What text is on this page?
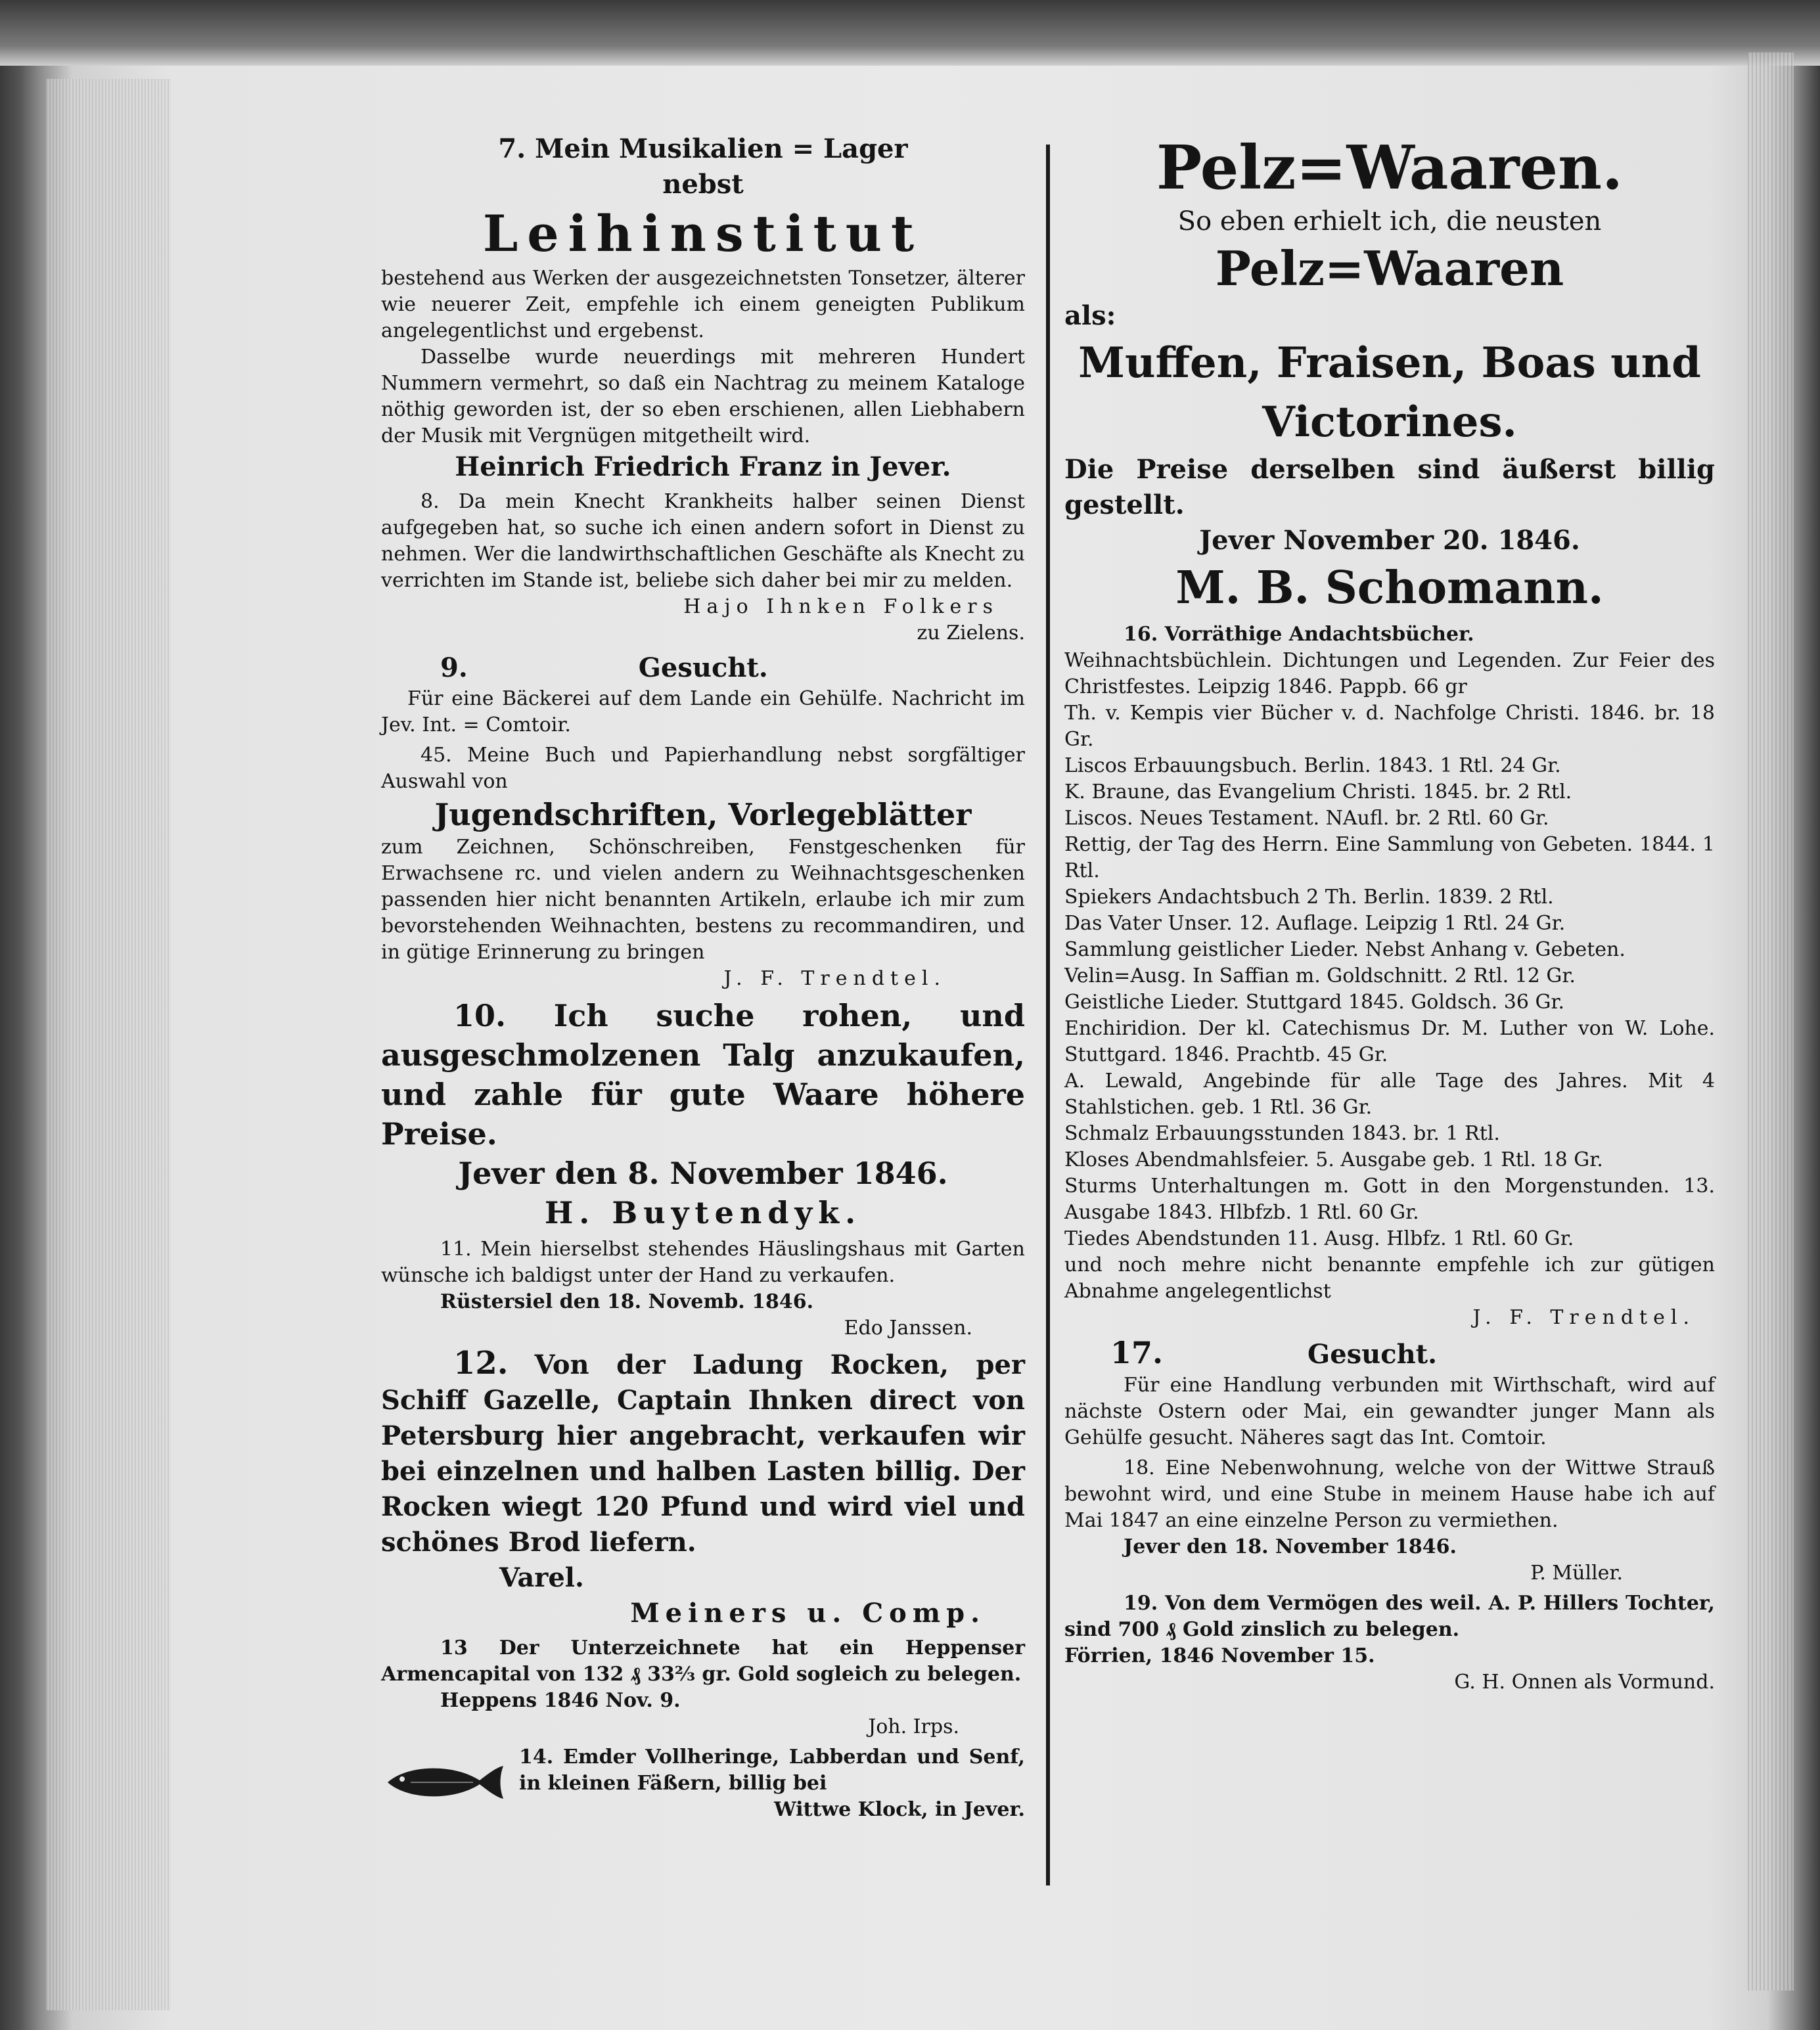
7. Mein Musikalien = Lager

nebst

Leihinstitut

bestehend aus Werken der ausgezeichnetsten Tonsetzer, älterer wie neuerer Zeit, empfehle ich einem geneigten Publikum angelegentlichst und ergebenst.

Dasselbe wurde neuerdings mit mehreren Hundert Nummern vermehrt, so daß ein Nachtrag zu meinem Kataloge nöthig geworden ist, der so eben erschienen, allen Liebhabern der Musik mit Vergnügen mitgetheilt wird.

Heinrich Friedrich Franz in Jever.

8. Da mein Knecht Krankheits halber seinen Dienst aufgegeben hat, so suche ich einen andern sofort in Dienst zu nehmen. Wer die landwirthschaftlichen Geschäfte als Knecht zu verrichten im Stande ist, beliebe sich daher bei mir zu melden.

Hajo Ihnken Folkers

zu Zielens.

9.	Gesucht.

Für eine Bäckerei auf dem Lande ein Gehülfe. Nachricht im Jev. Int. = Comtoir.

45. Meine Buch und Papierhandlung nebst sorgfältiger Auswahl von

Jugendschriften, Vorlegeblätter

zum Zeichnen, Schönschreiben, Fenstgeschenken für Erwachsene rc. und vielen andern zu Weihnachtsgeschenken passenden hier nicht benannten Artikeln, erlaube ich mir zum bevorstehenden Weihnachten, bestens zu recommandiren, und in gütige Erinnerung zu bringen

J. F. Trendtel.

10. Ich suche rohen, und ausgeschmolzenen Talg anzukaufen, und zahle für gute Waare höhere Preise.

Jever den 8. November 1846.

H. Buytendyk.

11. Mein hierselbst stehendes Häuslingshaus mit Garten wünsche ich baldigst unter der Hand zu verkaufen.

Rüstersiel den 18. Novemb. 1846.

Edo Janssen.

12. Von der Ladung Rocken, per Schiff Gazelle, Captain Ihnken direct von Petersburg hier angebracht, verkaufen wir bei einzelnen und halben Lasten billig. Der Rocken wiegt 120 Pfund und wird viel und schönes Brod liefern.

Varel.

Meiners u. Comp.

13 Der Unterzeichnete hat ein Heppenser Armencapital von 132 ₰ 33⅔ gr. Gold sogleich zu belegen.

Heppens 1846 Nov. 9.

Joh. Irps.

14. Emder Vollheringe, Labberdan und Senf, in kleinen Fäßern, billig bei

Wittwe Klock, in Jever.

Pelz=Waaren.

So eben erhielt ich, die neusten

Pelz=Waaren

als:

Muffen, Fraisen, Boas und

Victorines.

Die Preise derselben sind äußerst billig gestellt.

Jever November 20. 1846.

M. B. Schomann.

16. Vorräthige Andachtsbücher.

Weihnachtsbüchlein. Dichtungen und Legenden. Zur Feier des Christfestes. Leipzig 1846. Pappb. 66 gr

Th. v. Kempis vier Bücher v. d. Nachfolge Christi. 1846. br. 18 Gr.

Liscos Erbauungsbuch. Berlin. 1843. 1 Rtl. 24 Gr.

K. Braune, das Evangelium Christi. 1845. br. 2 Rtl.

Liscos. Neues Testament. NAufl. br. 2 Rtl. 60 Gr.

Rettig, der Tag des Herrn. Eine Sammlung von Gebeten. 1844. 1 Rtl.

Spiekers Andachtsbuch 2 Th. Berlin. 1839. 2 Rtl.

Das Vater Unser. 12. Auflage. Leipzig 1 Rtl. 24 Gr.

Sammlung geistlicher Lieder. Nebst Anhang v. Gebeten.

Velin=Ausg. In Saffian m. Goldschnitt. 2 Rtl. 12 Gr.

Geistliche Lieder. Stuttgard 1845. Goldsch. 36 Gr.

Enchiridion. Der kl. Catechismus Dr. M. Luther von W. Lohe. Stuttgard. 1846. Prachtb. 45 Gr.

A. Lewald, Angebinde für alle Tage des Jahres. Mit 4 Stahlstichen. geb. 1 Rtl. 36 Gr.

Schmalz Erbauungsstunden 1843. br. 1 Rtl.

Kloses Abendmahlsfeier. 5. Ausgabe geb. 1 Rtl. 18 Gr.

Sturms Unterhaltungen m. Gott in den Morgenstunden. 13. Ausgabe 1843. Hlbfzb. 1 Rtl. 60 Gr.

Tiedes Abendstunden 11. Ausg. Hlbfz. 1 Rtl. 60 Gr.

und noch mehre nicht benannte empfehle ich zur gütigen Abnahme angelegentlichst

J. F. Trendtel.

17.	Gesucht.

Für eine Handlung verbunden mit Wirthschaft, wird auf nächste Ostern oder Mai, ein gewandter junger Mann als Gehülfe gesucht. Näheres sagt das Int. Comtoir.

18. Eine Nebenwohnung, welche von der Wittwe Strauß bewohnt wird, und eine Stube in meinem Hause habe ich auf Mai 1847 an eine einzelne Person zu vermiethen.

Jever den 18. November 1846.

P. Müller.

19. Von dem Vermögen des weil. A. P. Hillers Tochter, sind 700 ₰ Gold zinslich zu belegen.

Förrien, 1846 November 15.

G. H. Onnen als Vormund.
